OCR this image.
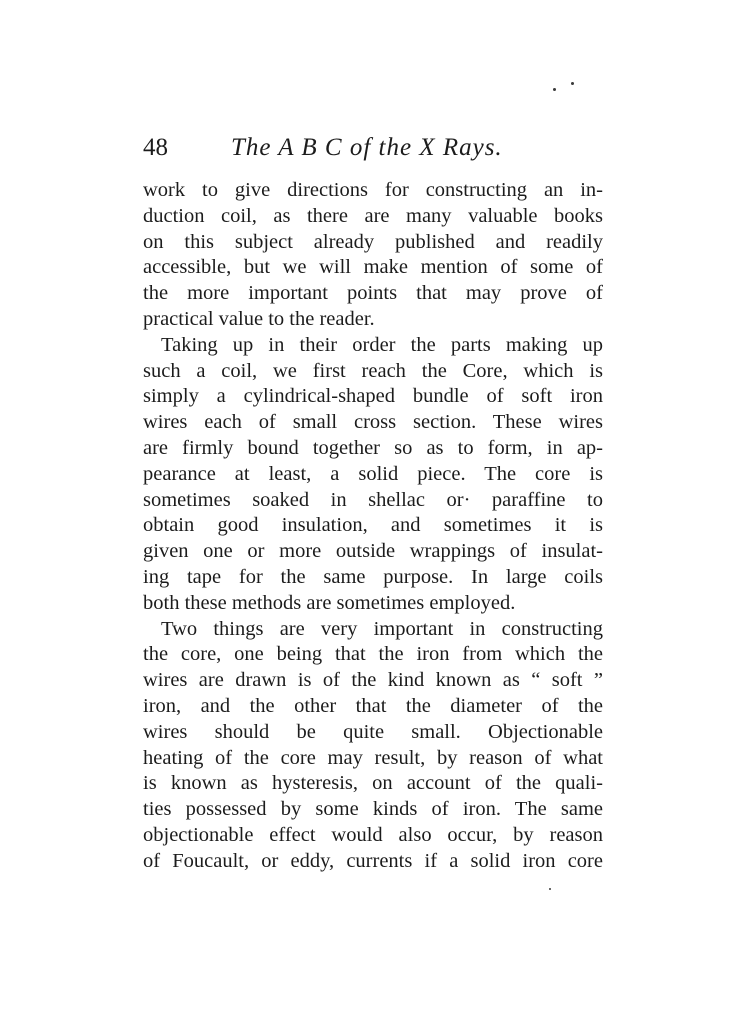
48	The A B C of the X Rays.
work to give directions for constructing an in-
duction coil, as there are many valuable books
on this subject already published and readily
accessible, but we will make mention of some of
the more important points that may prove of
practical value to the reader.
Taking up in their order the parts making up
such a coil, we first reach the Core, which is
simply a cylindrical-shaped bundle of soft iron
wires each of small cross section. These wires
are firmly bound together so as to form, in ap-
pearance at least, a solid piece. The core is
sometimes soaked in shellac or· paraffine to
obtain good insulation, and sometimes it is
given one or more outside wrappings of insulat-
ing tape for the same purpose. In large coils
both these methods are sometimes employed.
Two things are very important in constructing
the core, one being that the iron from which the
wires are drawn is of the kind known as “ soft ”
iron, and the other that the diameter of the
wires should be quite small. Objectionable
heating of the core may result, by reason of what
is known as hysteresis, on account of the quali-
ties possessed by some kinds of iron. The same
objectionable effect would also occur, by reason
of Foucault, or eddy, currents if a solid iron core
